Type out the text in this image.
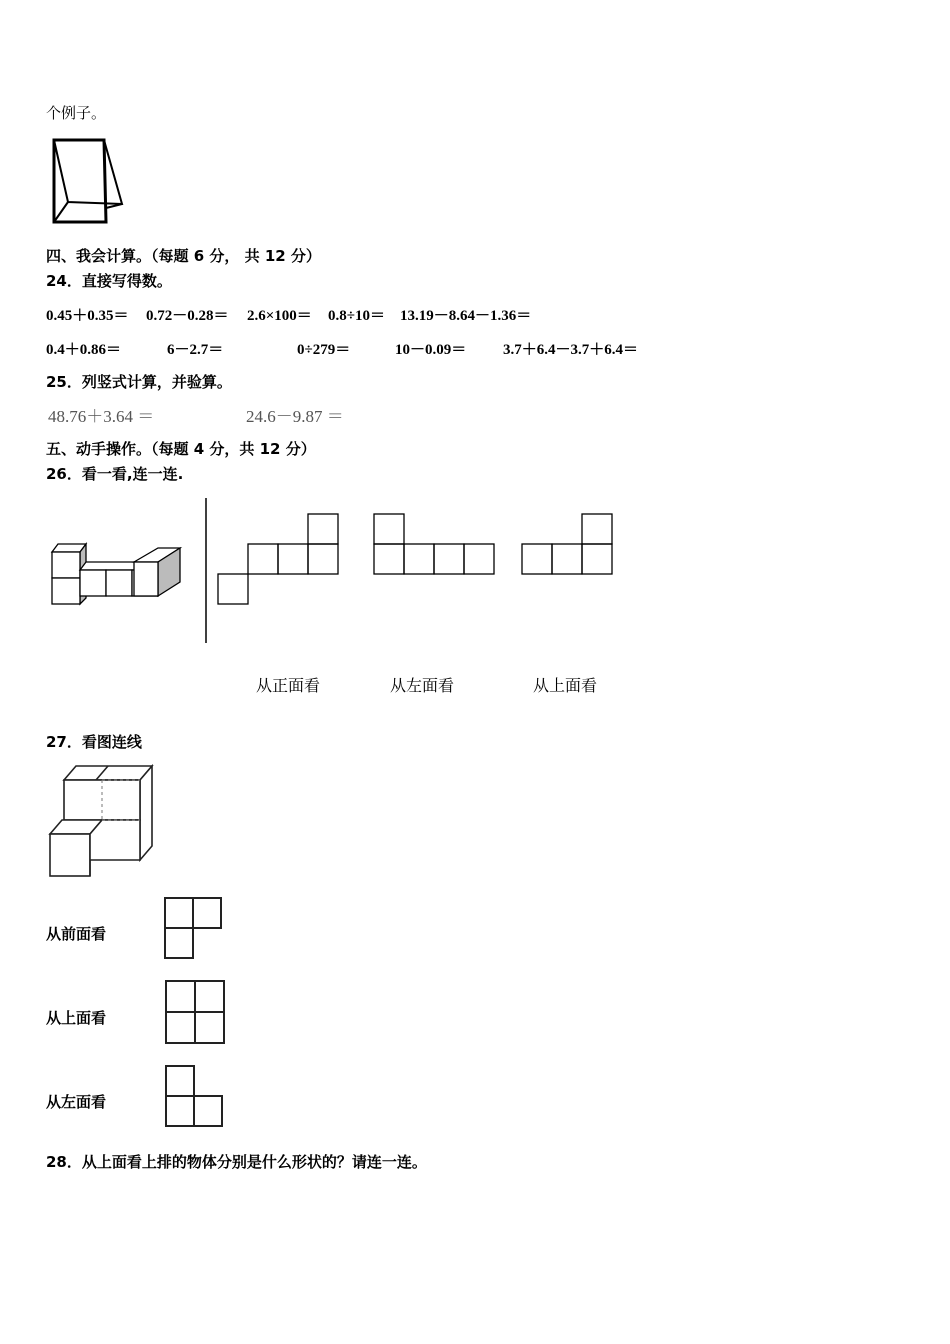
个例子。
四、我会计算。（每题 6 分， 共 12 分）
24．直接写得数。
0.45＋0.35＝ 0.72－0.28＝ 2.6×100＝ 0.8÷10＝ 13.19－8.64－1.36＝
0.4＋0.86＝	6－2.7＝	0÷279＝	10－0.09＝ 3.7＋6.4－3.7＋6.4＝
25．列竖式计算，并验算。
48.76＋3.64 ＝	24.6－9.87 ＝
五、动手操作。（每题 4 分，共 12 分）
26．看一看,连一连.
从正面看	从左面看	从上面看
27．看图连线
从前面看
从上面看
从左面看
28．从上面看上排的物体分别是什么形状的？请连一连。
